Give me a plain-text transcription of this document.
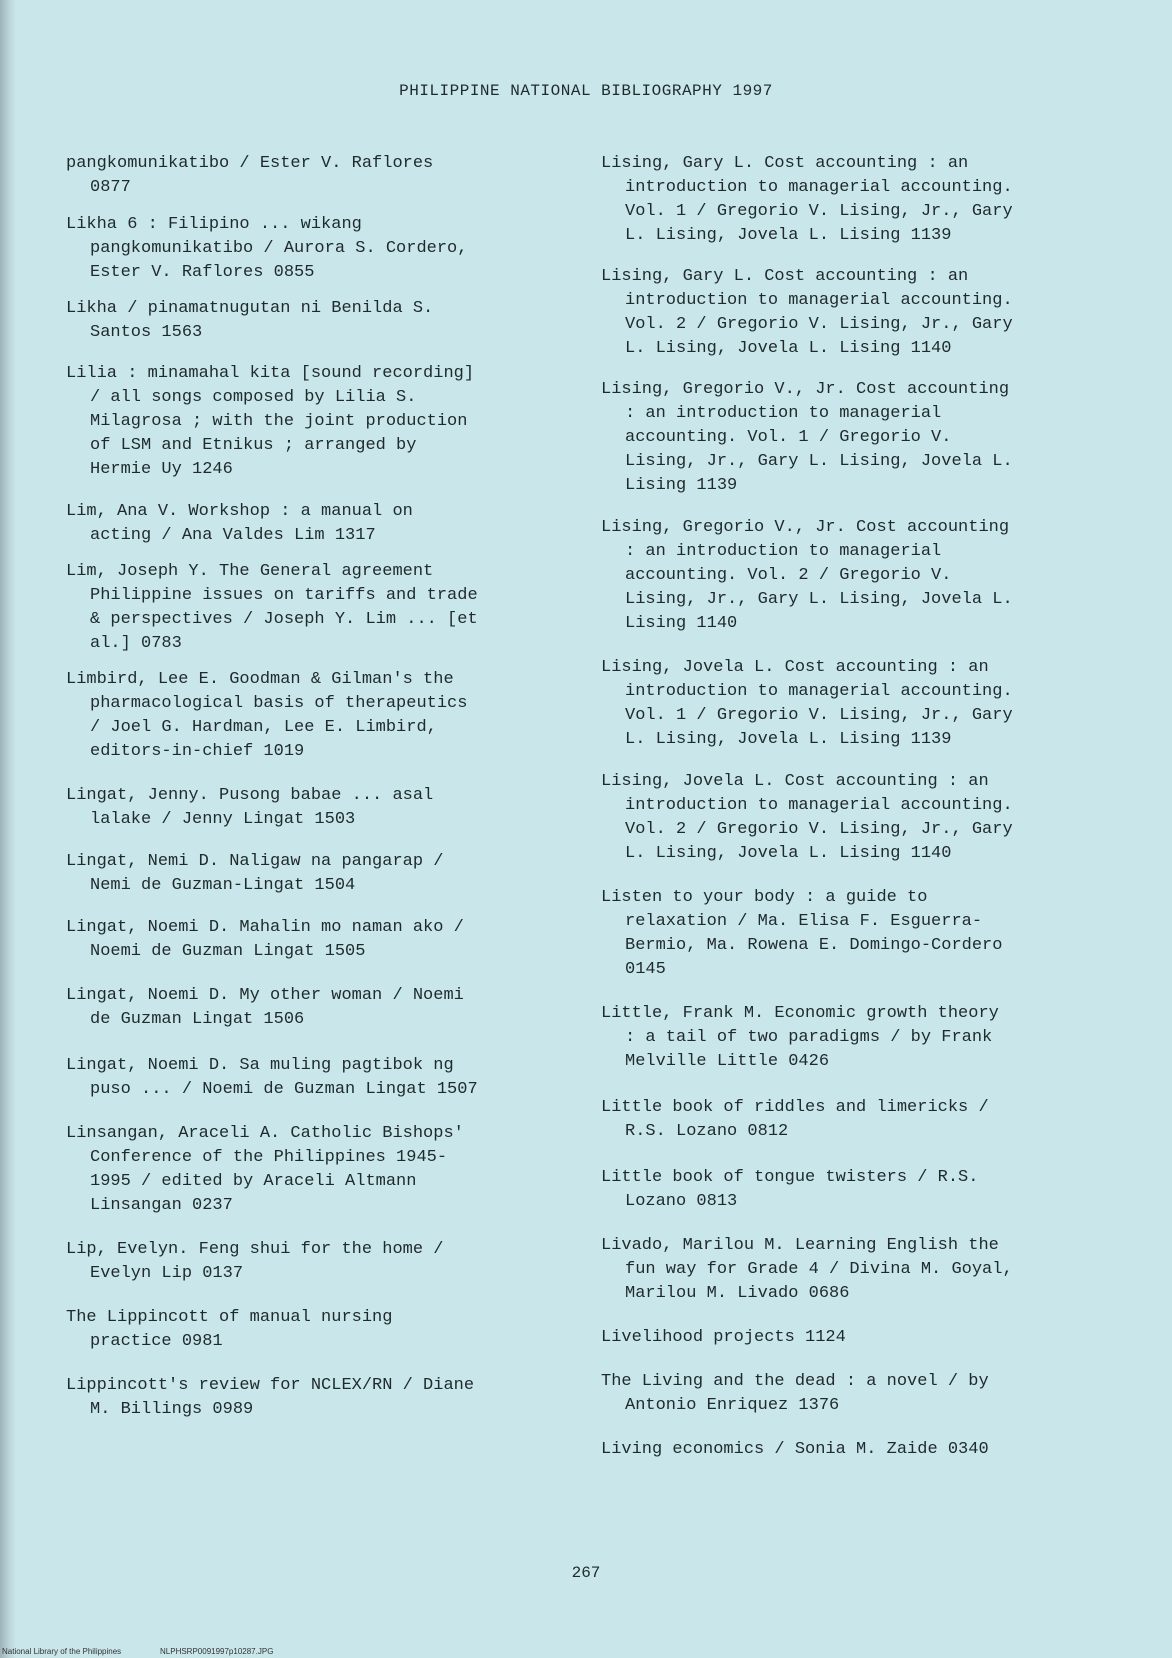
PHILIPPINE NATIONAL BIBLIOGRAPHY 1997

pangkomunikatibo / Ester V. Raflores
0877

Likha 6 : Filipino ... wikang
pangkomunikatibo / Aurora S. Cordero,
Ester V. Raflores 0855

Likha / pinamatnugutan ni Benilda S.
Santos 1563

Lilia : minamahal kita [sound recording]
/ all songs composed by Lilia S.
Milagrosa ; with the joint production
of LSM and Etnikus ; arranged by
Hermie Uy 1246

Lim, Ana V. Workshop : a manual on
acting / Ana Valdes Lim 1317

Lim, Joseph Y. The General agreement
Philippine issues on tariffs and trade
& perspectives / Joseph Y. Lim ... [et
al.] 0783

Limbird, Lee E. Goodman & Gilman's the
pharmacological basis of therapeutics
/ Joel G. Hardman, Lee E. Limbird,
editors-in-chief 1019

Lingat, Jenny. Pusong babae ... asal
lalake / Jenny Lingat 1503

Lingat, Nemi D. Naligaw na pangarap /
Nemi de Guzman-Lingat 1504

Lingat, Noemi D. Mahalin mo naman ako /
Noemi de Guzman Lingat 1505

Lingat, Noemi D. My other woman / Noemi
de Guzman Lingat 1506

Lingat, Noemi D. Sa muling pagtibok ng
puso ... / Noemi de Guzman Lingat 1507

Linsangan, Araceli A. Catholic Bishops'
Conference of the Philippines 1945-
1995 / edited by Araceli Altmann
Linsangan 0237

Lip, Evelyn. Feng shui for the home /
Evelyn Lip 0137

The Lippincott of manual nursing
practice 0981

Lippincott's review for NCLEX/RN / Diane
M. Billings 0989

Lising, Gary L. Cost accounting : an
introduction to managerial accounting.
Vol. 1 / Gregorio V. Lising, Jr., Gary
L. Lising, Jovela L. Lising 1139

Lising, Gary L. Cost accounting : an
introduction to managerial accounting.
Vol. 2 / Gregorio V. Lising, Jr., Gary
L. Lising, Jovela L. Lising 1140

Lising, Gregorio V., Jr. Cost accounting
: an introduction to managerial
accounting. Vol. 1 / Gregorio V.
Lising, Jr., Gary L. Lising, Jovela L.
Lising 1139

Lising, Gregorio V., Jr. Cost accounting
: an introduction to managerial
accounting. Vol. 2 / Gregorio V.
Lising, Jr., Gary L. Lising, Jovela L.
Lising 1140

Lising, Jovela L. Cost accounting : an
introduction to managerial accounting.
Vol. 1 / Gregorio V. Lising, Jr., Gary
L. Lising, Jovela L. Lising 1139

Lising, Jovela L. Cost accounting : an
introduction to managerial accounting.
Vol. 2 / Gregorio V. Lising, Jr., Gary
L. Lising, Jovela L. Lising 1140

Listen to your body : a guide to
relaxation / Ma. Elisa F. Esguerra-
Bermio, Ma. Rowena E. Domingo-Cordero
0145

Little, Frank M. Economic growth theory
: a tail of two paradigms / by Frank
Melville Little 0426

Little book of riddles and limericks /
R.S. Lozano 0812

Little book of tongue twisters / R.S.
Lozano 0813

Livado, Marilou M. Learning English the
fun way for Grade 4 / Divina M. Goyal,
Marilou M. Livado 0686

Livelihood projects 1124

The Living and the dead : a novel / by
Antonio Enriquez 1376

Living economics / Sonia M. Zaide 0340

267
National Library of the Philippines	NLPHSRP0091997p10287.JPG
